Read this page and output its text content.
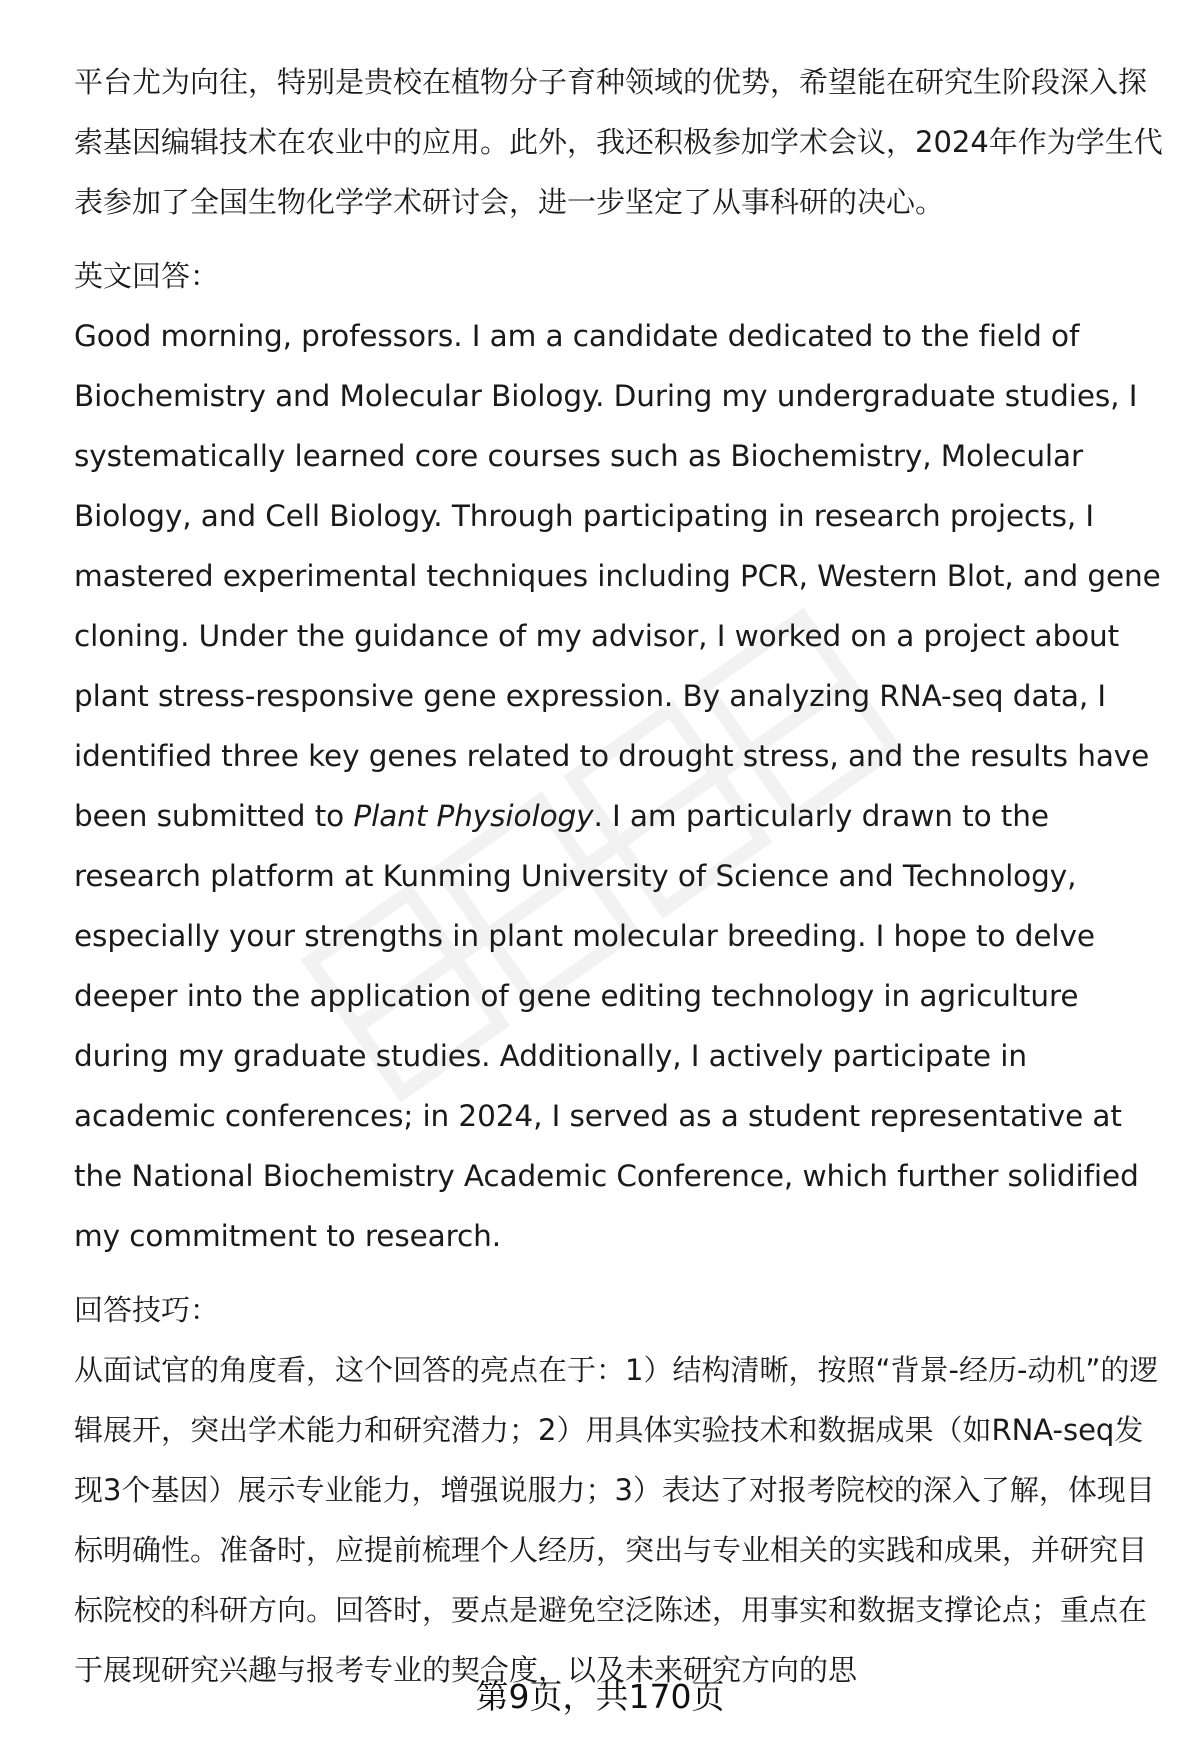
平台尤为向往，特别是贵校在植物分子育种领域的优势，希望能在研究生阶段深入探索基因编辑技术在农业中的应用。此外，我还积极参加学术会议，2024年作为学生代表参加了全国生物化学学术研讨会，进一步坚定了从事科研的决心。

英文回答：

Good morning, professors. I am a candidate dedicated to the field of Biochemistry and Molecular Biology. During my undergraduate studies, I systematically learned core courses such as Biochemistry, Molecular Biology, and Cell Biology. Through participating in research projects, I mastered experimental techniques including PCR, Western Blot, and gene cloning. Under the guidance of my advisor, I worked on a project about plant stress-responsive gene expression. By analyzing RNA-seq data, I identified three key genes related to drought stress, and the results have been submitted to Plant Physiology. I am particularly drawn to the research platform at Kunming University of Science and Technology, especially your strengths in plant molecular breeding. I hope to delve deeper into the application of gene editing technology in agriculture during my graduate studies. Additionally, I actively participate in academic conferences; in 2024, I served as a student representative at the National Biochemistry Academic Conference, which further solidified my commitment to research.

回答技巧：

从面试官的角度看，这个回答的亮点在于：1）结构清晰，按照“背景-经历-动机”的逻辑展开，突出学术能力和研究潜力；2）用具体实验技术和数据成果（如RNA-seq发现3个基因）展示专业能力，增强说服力；3）表达了对报考院校的深入了解，体现目标明确性。准备时，应提前梳理个人经历，突出与专业相关的实践和成果，并研究目标院校的科研方向。回答时，要点是避免空泛陈述，用事实和数据支撑论点；重点在于展现研究兴趣与报考专业的契合度，以及未来研究方向的思

第9页，共170页
